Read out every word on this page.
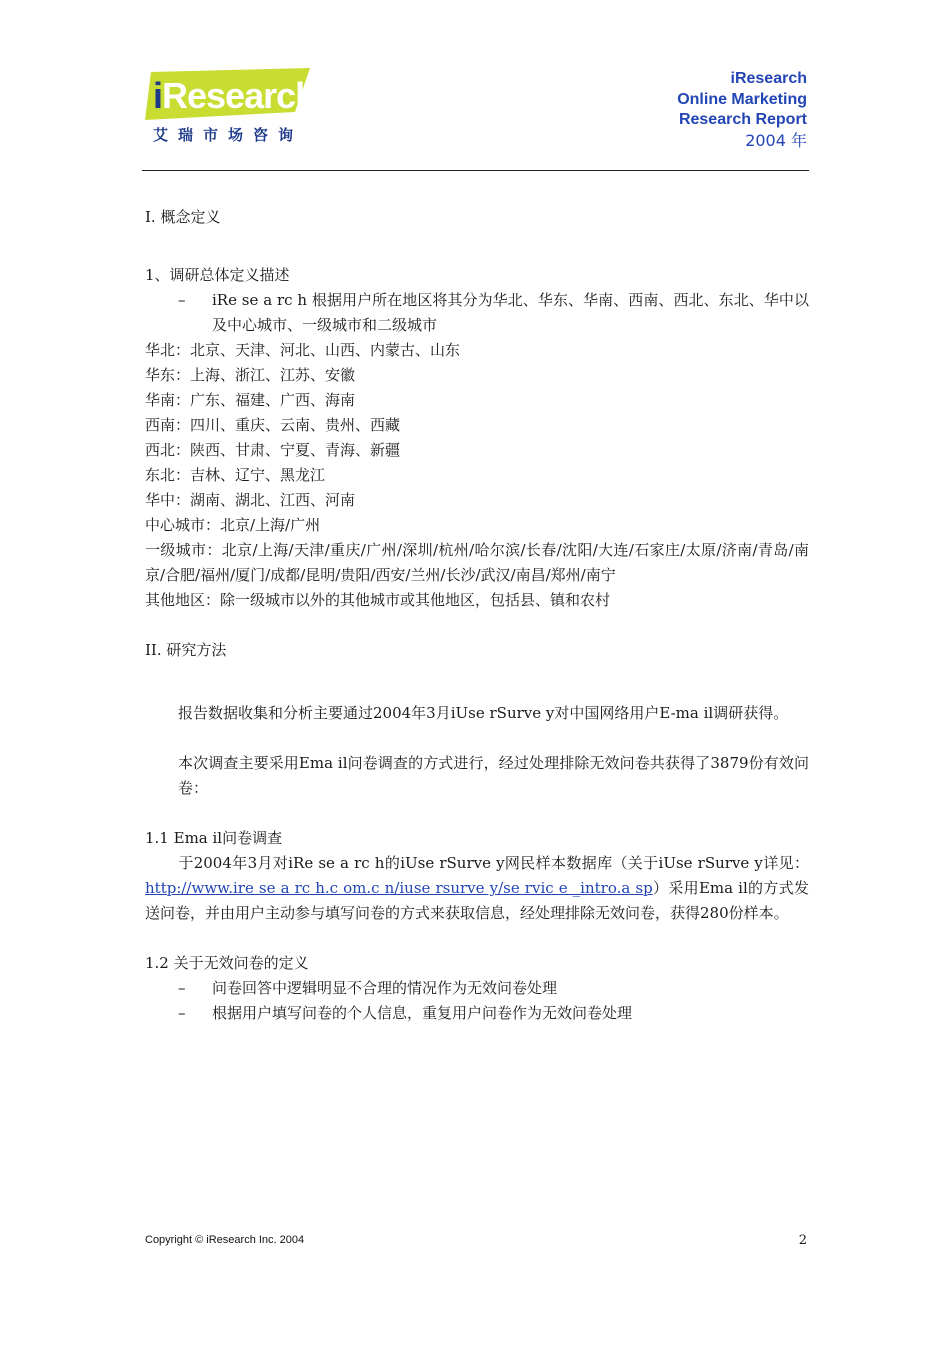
iResearch
艾瑞市场咨询
iResearch
Online Marketing
Research Report
2004 年
I. 概念定义
1、调研总体定义描述
–	iRe se a rc h 根据用户所在地区将其分为华北、华东、华南、西南、西北、东北、华中以及中心城市、一级城市和二级城市
华北：北京、天津、河北、山西、内蒙古、山东
华东：上海、浙江、江苏、安徽
华南：广东、福建、广西、海南
西南：四川、重庆、云南、贵州、西藏
西北：陕西、甘肃、宁夏、青海、新疆
东北：吉林、辽宁、黑龙江
华中：湖南、湖北、江西、河南
中心城市：北京/上海/广州
一级城市：北京/上海/天津/重庆/广州/深圳/杭州/哈尔滨/长春/沈阳/大连/石家庄/太原/济南/青岛/南京/合肥/福州/厦门/成都/昆明/贵阳/西安/兰州/长沙/武汉/南昌/郑州/南宁
其他地区：除一级城市以外的其他城市或其他地区，包括县、镇和农村
II. 研究方法
报告数据收集和分析主要通过2004年3月iUse rSurve y对中国网络用户E-ma il调研获得。
本次调查主要采用Ema il问卷调查的方式进行，经过处理排除无效问卷共获得了3879份有效问卷：
1.1 Ema il问卷调查
于2004年3月对iRe se a rc h的iUse rSurve y网民样本数据库（关于iUse rSurve y详见：http://www.ire se a rc h.c om.c n/iuse rsurve y/se rvic e _intro.a sp）采用Ema il的方式发送问卷，并由用户主动参与填写问卷的方式来获取信息，经处理排除无效问卷，获得280份样本。
1.2 关于无效问卷的定义
–	问卷回答中逻辑明显不合理的情况作为无效问卷处理
–	根据用户填写问卷的个人信息，重复用户问卷作为无效问卷处理
Copyright © iResearch Inc. 2004	2
